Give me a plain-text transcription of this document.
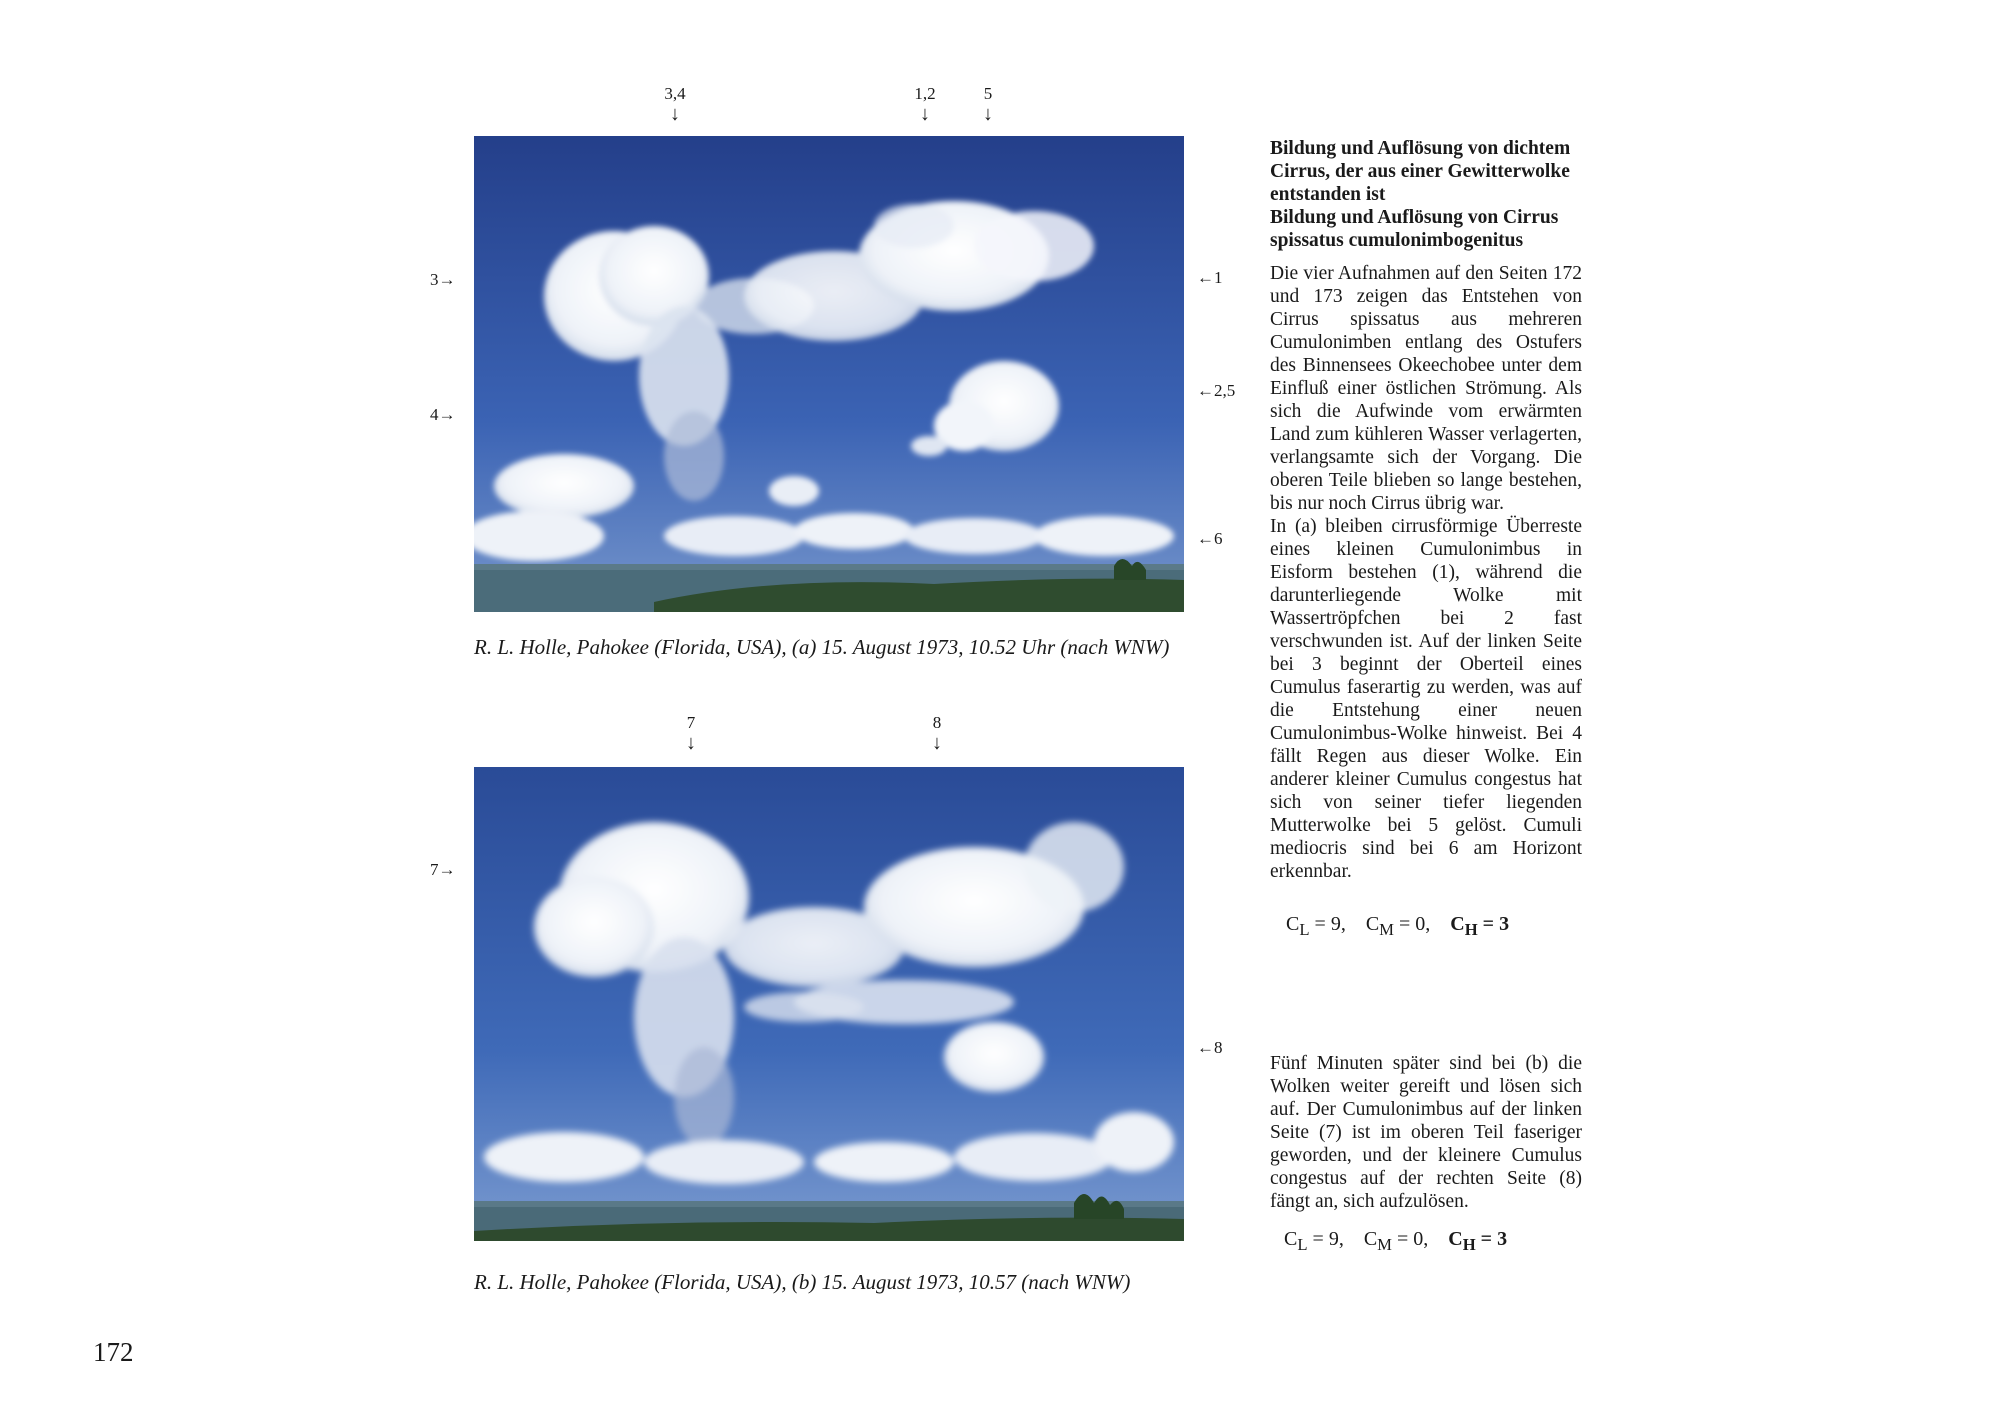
3,4
↓
1,2
↓
5
↓
3→
4→
←1
←2,5
←6
R. L. Holle, Pahokee (Florida, USA), (a) 15. August 1973, 10.52 Uhr (nach WNW)
7
↓
8
↓
7→
←8
R. L. Holle, Pahokee (Florida, USA), (b) 15. August 1973, 10.57 (nach WNW)
Bildung und Auflösung von dichtem Cirrus, der aus einer Gewitterwolke entstanden ist
Bildung und Auflösung von Cirrus spissatus cumulonimbogenitus

Die vier Aufnahmen auf den Seiten 172 und 173 zeigen das Entstehen von Cirrus spissatus aus mehreren Cumulonimben entlang des Ostufers des Binnensees Okeechobee unter dem Einfluß einer östlichen Strömung. Als sich die Aufwinde vom erwärmten Land zum kühleren Wasser verlagerten, verlangsamte sich der Vorgang. Die oberen Teile blieben so lange bestehen, bis nur noch Cirrus übrig war.

In (a) bleiben cirrusförmige Überreste eines kleinen Cumulonimbus in Eisform bestehen (1), während die darunterliegende Wolke mit Wassertröpfchen bei 2 fast verschwunden ist. Auf der linken Seite bei 3 beginnt der Oberteil eines Cumulus faserartig zu werden, was auf die Entstehung einer neuen Cumulonimbus-Wolke hinweist. Bei 4 fällt Regen aus dieser Wolke. Ein anderer kleiner Cumulus congestus hat sich von seiner tiefer liegenden Mutterwolke bei 5 gelöst. Cumuli mediocris sind bei 6 am Horizont erkennbar.

$C_L = 9$,    $C_M = 0$,    $C_H = 3$

Fünf Minuten später sind bei (b) die Wolken weiter gereift und lösen sich auf. Der Cumulonimbus auf der linken Seite (7) ist im oberen Teil faseriger geworden, und der kleinere Cumulus congestus auf der rechten Seite (8) fängt an, sich aufzulösen.

$C_L = 9$,    $C_M = 0$,    $C_H = 3$
172
